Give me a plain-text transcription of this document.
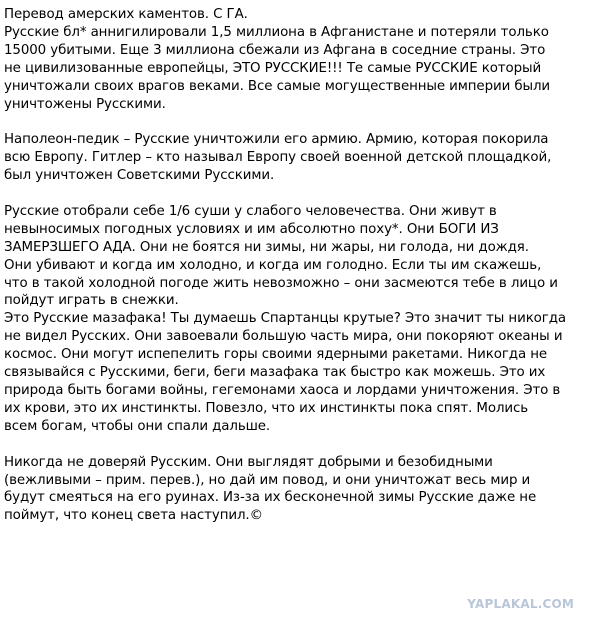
Перевод амерских каментов. С ГА.
Русские бл* аннигилировали 1,5 миллиона в Афганистане и потеряли только
15000 убитыми. Еще 3 миллиона сбежали из Афгана в соседние страны. Это
не цивилизованные европейцы, ЭТО РУССКИЕ!!! Те самые РУССКИЕ который
уничтожали своих врагов веками. Все самые могущественные империи были
уничтожены Русскими.

Наполеон-педик – Русские уничтожили его армию. Армию, которая покорила
всю Европу. Гитлер – кто называл Европу своей военной детской площадкой,
был уничтожен Советскими Русскими.

Русские отобрали себе 1/6 суши у слабого человечества. Они живут в
невыносимых погодных условиях и им абсолютно поху*. Они БОГИ ИЗ
ЗАМЕРЗШЕГО АДА. Они не боятся ни зимы, ни жары, ни голода, ни дождя.
Они убивают и когда им холодно, и когда им голодно. Если ты им скажешь,
что в такой холодной погоде жить невозможно – они засмеются тебе в лицо и
пойдут играть в снежки.
Это Русские мазафака! Ты думаешь Спартанцы крутые? Это значит ты никогда
не видел Русских. Они завоевали большую часть мира, они покоряют океаны и
космос. Они могут испепелить горы своими ядерными ракетами. Никогда не
связывайся с Русскими, беги, беги мазафака так быстро как можешь. Это их
природа быть богами войны, гегемонами хаоса и лордами уничтожения. Это в
их крови, это их инстинкты. Повезло, что их инстинкты пока спят. Молись
всем богам, чтобы они спали дальше.

Никогда не доверяй Русским. Они выглядят добрыми и безобидными
(вежливыми – прим. перев.), но дай им повод, и они уничтожат весь мир и
будут смеяться на его руинах. Из-за их бесконечной зимы Русские даже не
поймут, что конец света наступил.©

YAPLAKAL.COM
